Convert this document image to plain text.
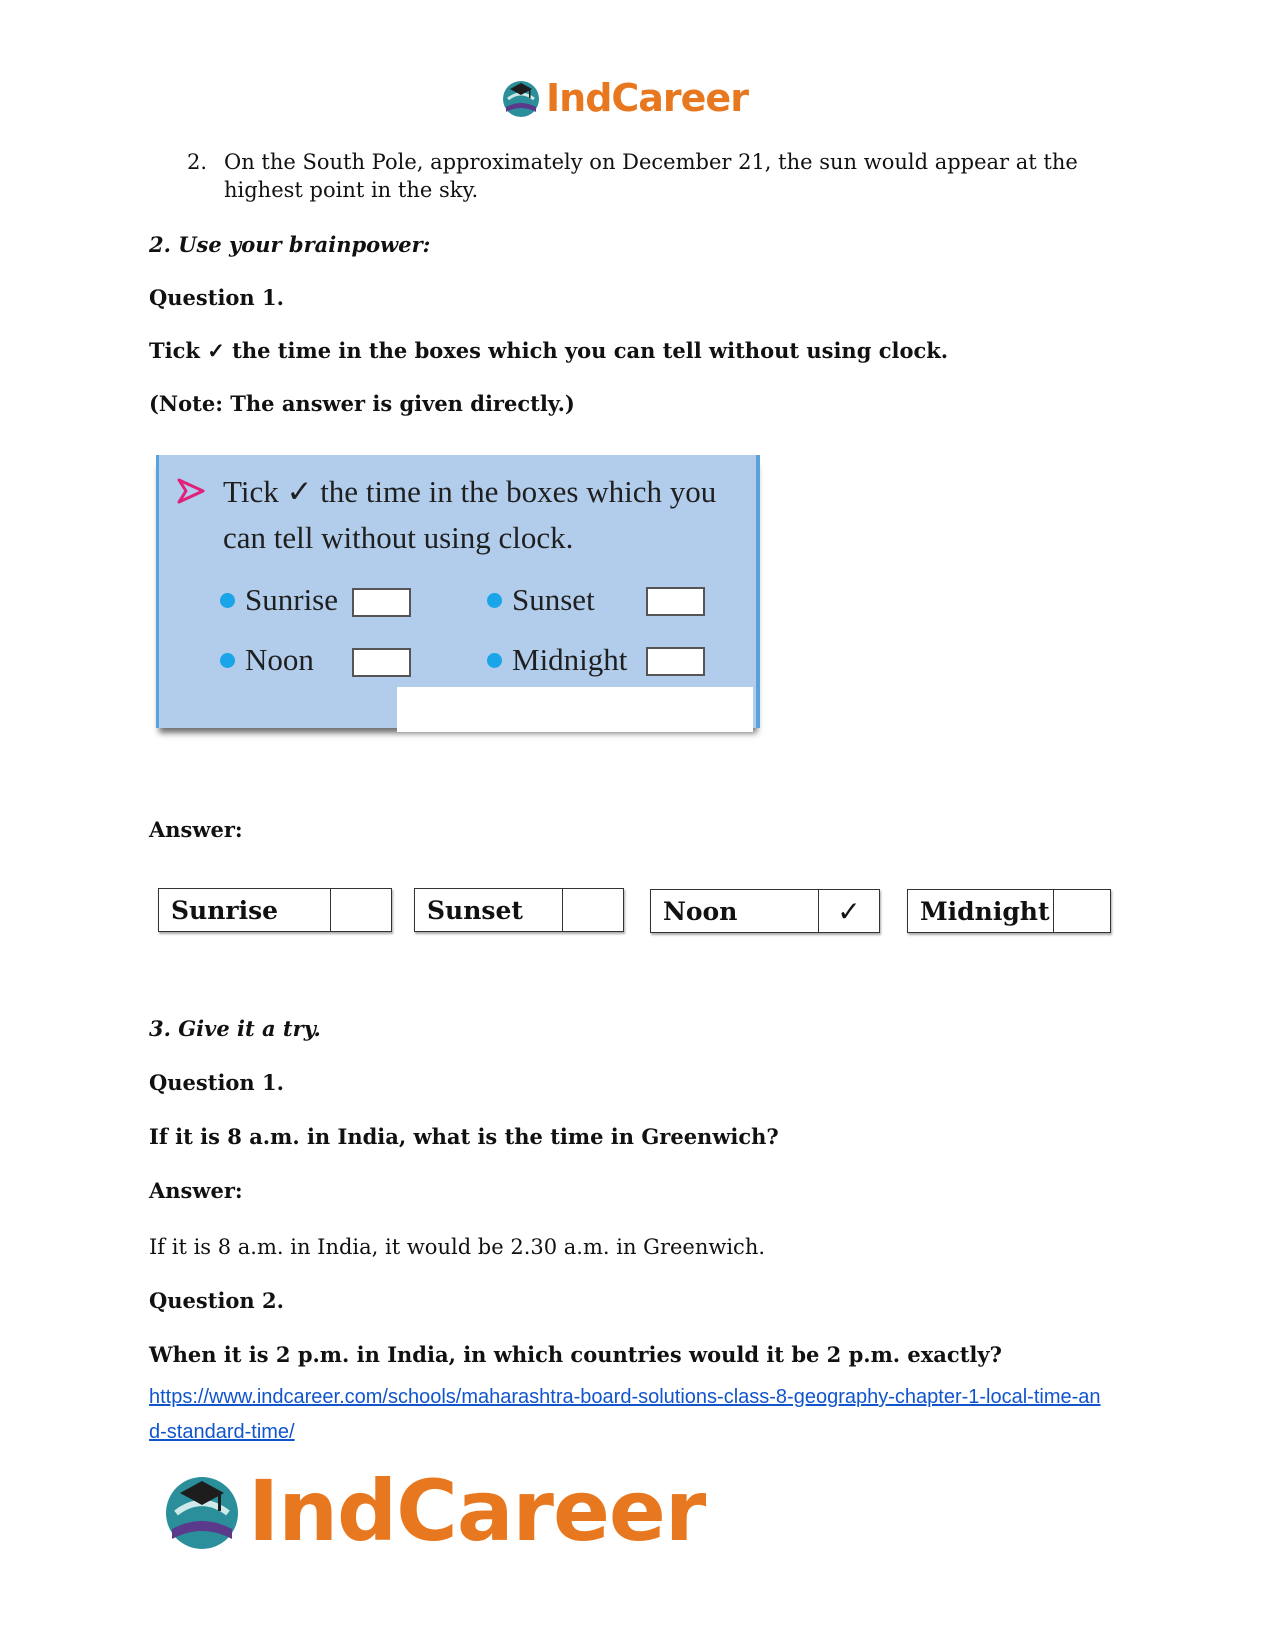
IndCareer
2. On the South Pole, approximately on December 21, the sun would appear at the highest point in the sky.
2. Use your brainpower:
Question 1.
Tick ✓ the time in the boxes which you can tell without using clock.
(Note: The answer is given directly.)
Tick ✓ the time in the boxes which you
can tell without using clock.
Sunrise	Sunset
Noon	Midnight
Answer:
Sunrise	Sunset	Noon	✓	Midnight
3. Give it a try.
Question 1.
If it is 8 a.m. in India, what is the time in Greenwich?
Answer:
If it is 8 a.m. in India, it would be 2.30 a.m. in Greenwich.
Question 2.
When it is 2 p.m. in India, in which countries would it be 2 p.m. exactly?
https://www.indcareer.com/schools/maharashtra-board-solutions-class-8-geography-chapter-1-local-time-and-standard-time/
IndCareer
